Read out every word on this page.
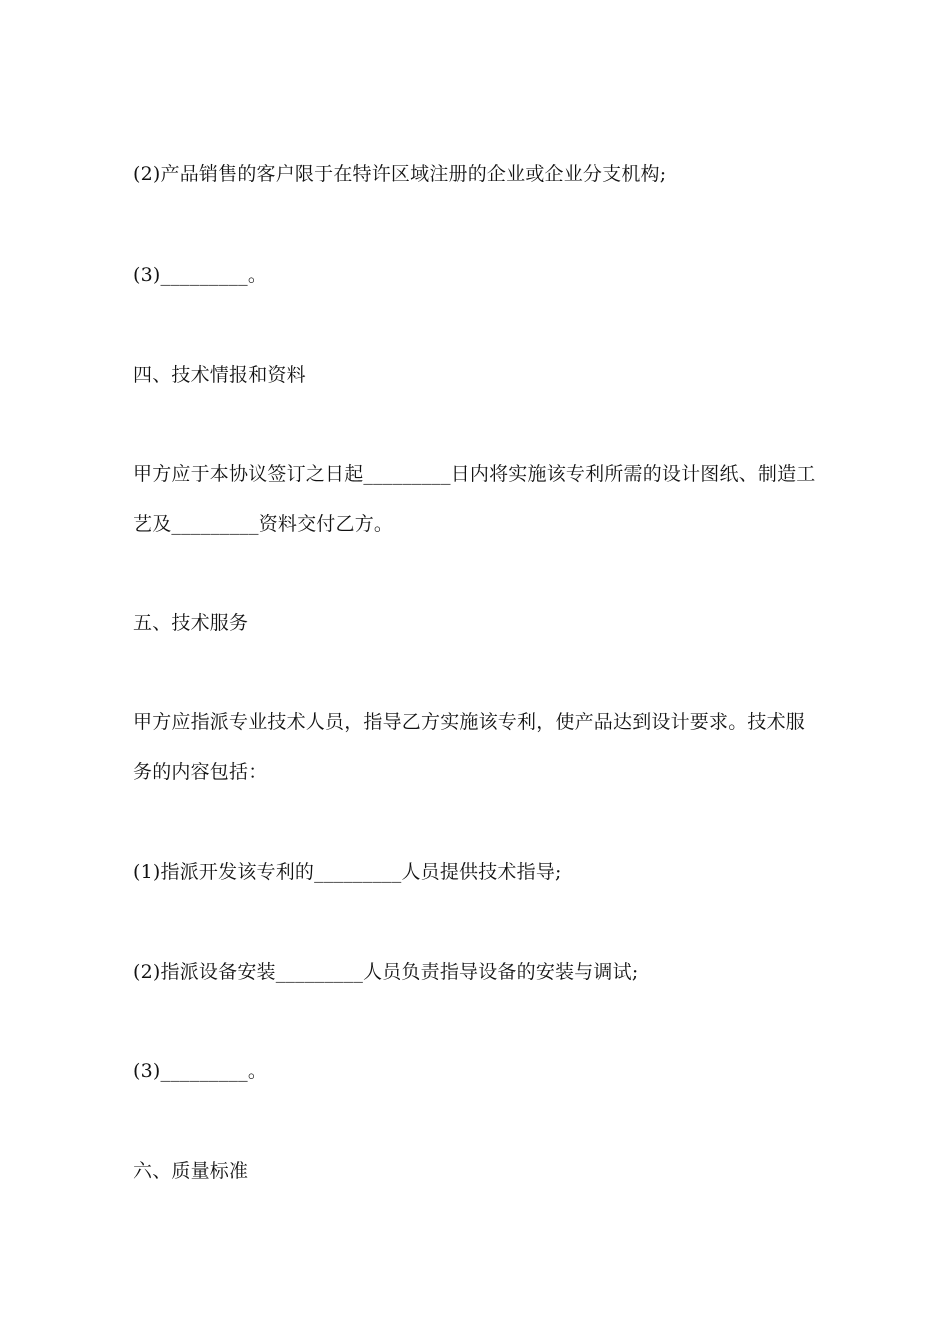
(2)产品销售的客户限于在特许区域注册的企业或企业分支机构;
(3)_________。
四、技术情报和资料
甲方应于本协议签订之日起_________日内将实施该专利所需的设计图纸、制造工
艺及_________资料交付乙方。
五、技术服务
甲方应指派专业技术人员，指导乙方实施该专利，使产品达到设计要求。技术服
务的内容包括：
(1)指派开发该专利的_________人员提供技术指导;
(2)指派设备安装_________人员负责指导设备的安装与调试;
(3)_________。
六、质量标准
